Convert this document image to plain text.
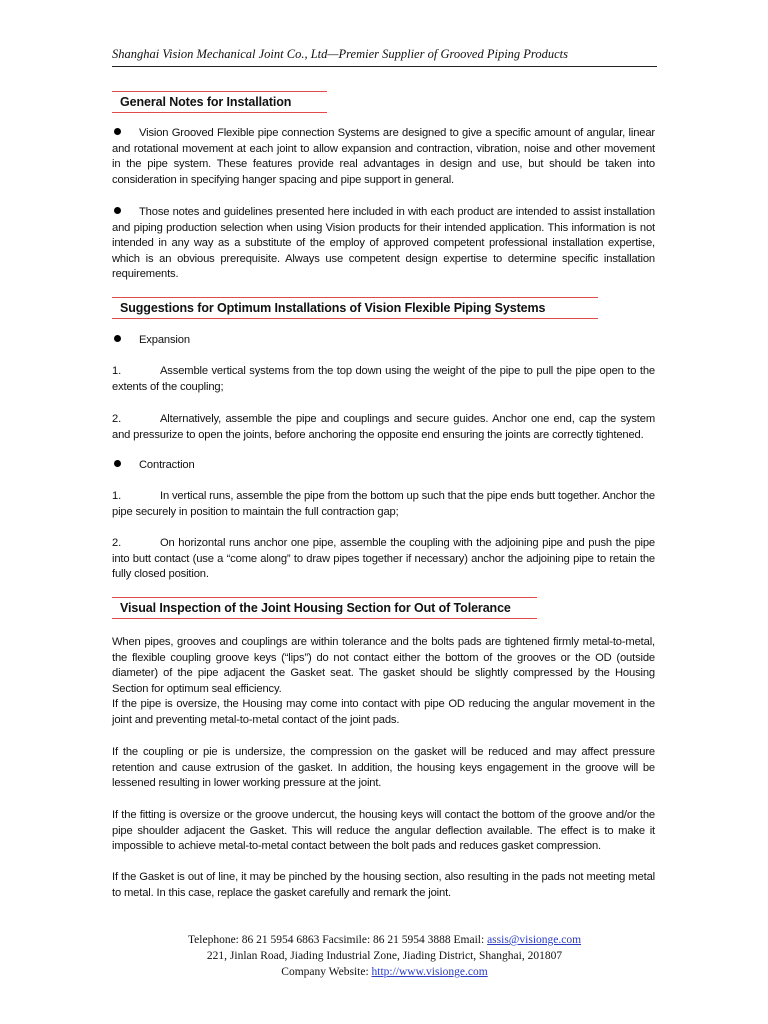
Shanghai Vision Mechanical Joint Co., Ltd—Premier Supplier of Grooved Piping Products
General Notes for Installation
Vision Grooved Flexible pipe connection Systems are designed to give a specific amount of angular, linear and rotational movement at each joint to allow expansion and contraction, vibration, noise and other movement in the pipe system. These features provide real advantages in design and use, but should be taken into consideration in specifying hanger spacing and pipe support in general.
Those notes and guidelines presented here included in with each product are intended to assist installation and piping production selection when using Vision products for their intended application. This information is not intended in any way as a substitute of the employ of approved competent professional installation expertise, which is an obvious prerequisite. Always use competent design expertise to determine specific installation requirements.
Suggestions for Optimum Installations of Vision Flexible Piping Systems
Expansion
1.	Assemble vertical systems from the top down using the weight of the pipe to pull the pipe open to the extents of the coupling;
2.	Alternatively, assemble the pipe and couplings and secure guides. Anchor one end, cap the system and pressurize to open the joints, before anchoring the opposite end ensuring the joints are correctly tightened.
Contraction
1.	In vertical runs, assemble the pipe from the bottom up such that the pipe ends butt together. Anchor the pipe securely in position to maintain the full contraction gap;
2.	On horizontal runs anchor one pipe, assemble the coupling with the adjoining pipe and push the pipe into butt contact (use a “come along” to draw pipes together if necessary) anchor the adjoining pipe to retain the fully closed position.
Visual Inspection of the Joint Housing Section for Out of Tolerance
When pipes, grooves and couplings are within tolerance and the bolts pads are tightened firmly metal-to-metal, the flexible coupling groove keys (“lips”) do not contact either the bottom of the grooves or the OD (outside diameter) of the pipe adjacent the Gasket seat. The gasket should be slightly compressed by the Housing Section for optimum seal efficiency.
If the pipe is oversize, the Housing may come into contact with pipe OD reducing the angular movement in the joint and preventing metal-to-metal contact of the joint pads.
If the coupling or pie is undersize, the compression on the gasket will be reduced and may affect pressure retention and cause extrusion of the gasket. In addition, the housing keys engagement in the groove will be lessened resulting in lower working pressure at the joint.
If the fitting is oversize or the groove undercut, the housing keys will contact the bottom of the groove and/or the pipe shoulder adjacent the Gasket. This will reduce the angular deflection available. The effect is to make it impossible to achieve metal-to-metal contact between the bolt pads and reduces gasket compression.
If the Gasket is out of line, it may be pinched by the housing section, also resulting in the pads not meeting metal to metal. In this case, replace the gasket carefully and remark the joint.
Telephone: 86 21 5954 6863 Facsimile: 86 21 5954 3888 Email: assis@visionge.com
221, Jinlan Road, Jiading Industrial Zone, Jiading District, Shanghai, 201807
Company Website: http://www.visionge.com
